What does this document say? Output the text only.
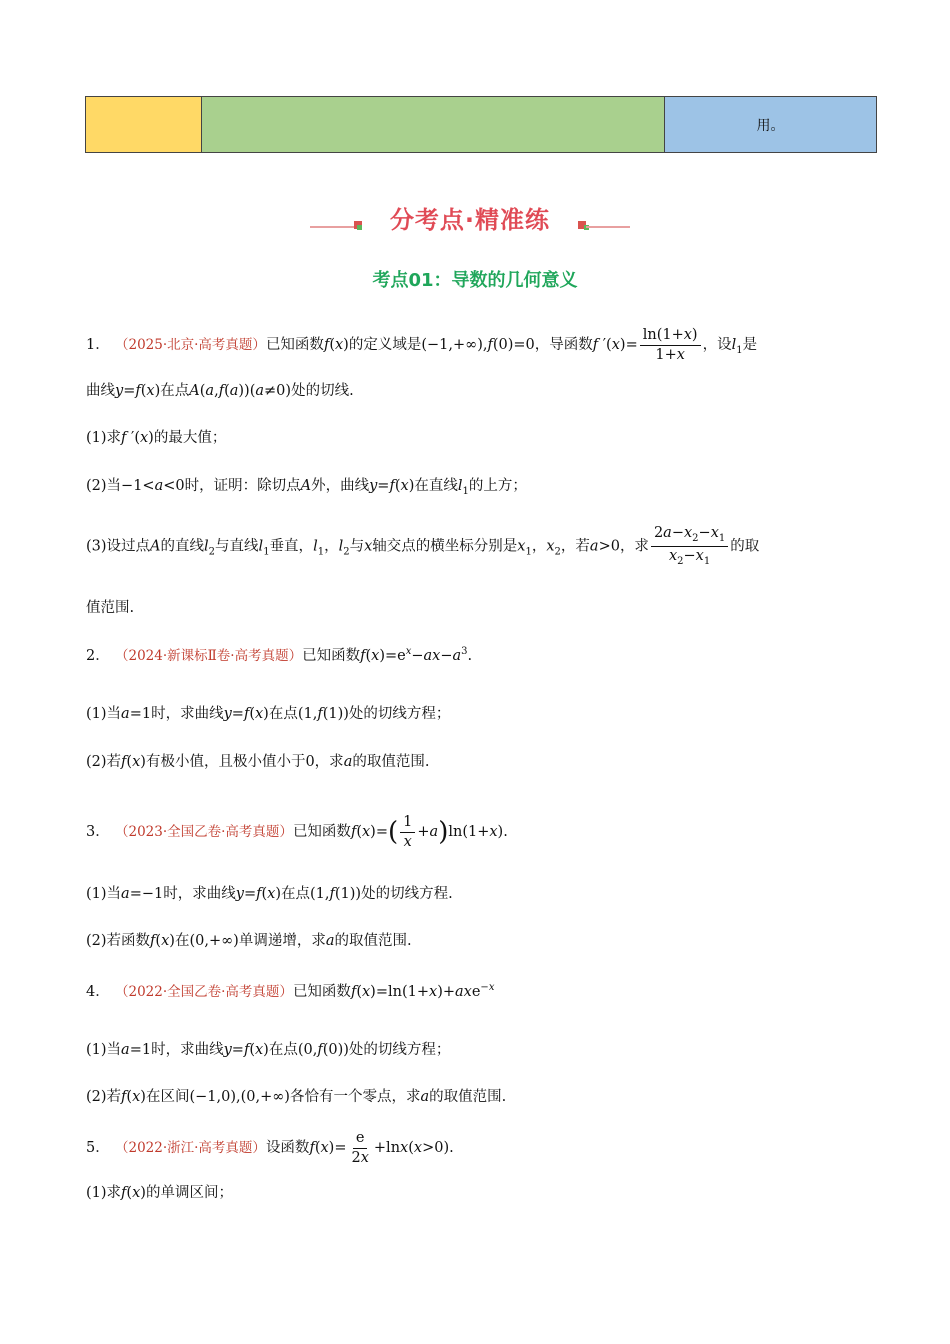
用。
分考点·精准练
考点01：导数的几何意义
1． （2025·北京·高考真题）已知函数f(x)的定义域是(−1,+∞),f(0)=0，导函数f $'(x)= \frac{\ln(1+x)}{1+x}$ ，设$l_1$是
曲线y=f(x)在点A(a,f(a))(a≠0)处的切线.
(1)求f ′(x)的最大值；
(2)当−1<a<0时，证明：除切点A外，曲线y=f(x)在直线$l_1$的上方；
(3)设过点A的直线$l_2$与直线$l_1$垂直，$l_1$，$l_2$与x轴交点的横坐标分别是$x_1$，$x_2$，若a>0，求 $\frac{2a-x_2-x_1}{x_2-x_1}$ 的取
值范围.
2． （2024·新课标Ⅱ卷·高考真题）已知函数$f(x)=e^x-ax-a^3$.
(1)当a=1时，求曲线y=f(x)在点(1,f(1))处的切线方程；
(2)若f(x)有极小值，且极小值小于0，求a的取值范围.
3． （2023·全国乙卷·高考真题）已知函数$f(x)=( \frac{1}{x} +a)\ln(1+x)$.
(1)当a=−1时，求曲线y=f(x)在点(1,f(1))处的切线方程.
(2)若函数f(x)在(0,+∞)单调递增，求a的取值范围.
4． （2022·全国乙卷·高考真题）已知函数f(x)=ln(1+x)+axe$^{-x}$
(1)当a=1时，求曲线y=f(x)在点(0,f(0))处的切线方程；
(2)若f(x)在区间(−1,0),(0,+∞)各恰有一个零点，求a的取值范围.
5． （2022·浙江·高考真题）设函数$f(x)= \frac{e}{2x} +\ln x(x>0)$.
(1)求f(x)的单调区间；
